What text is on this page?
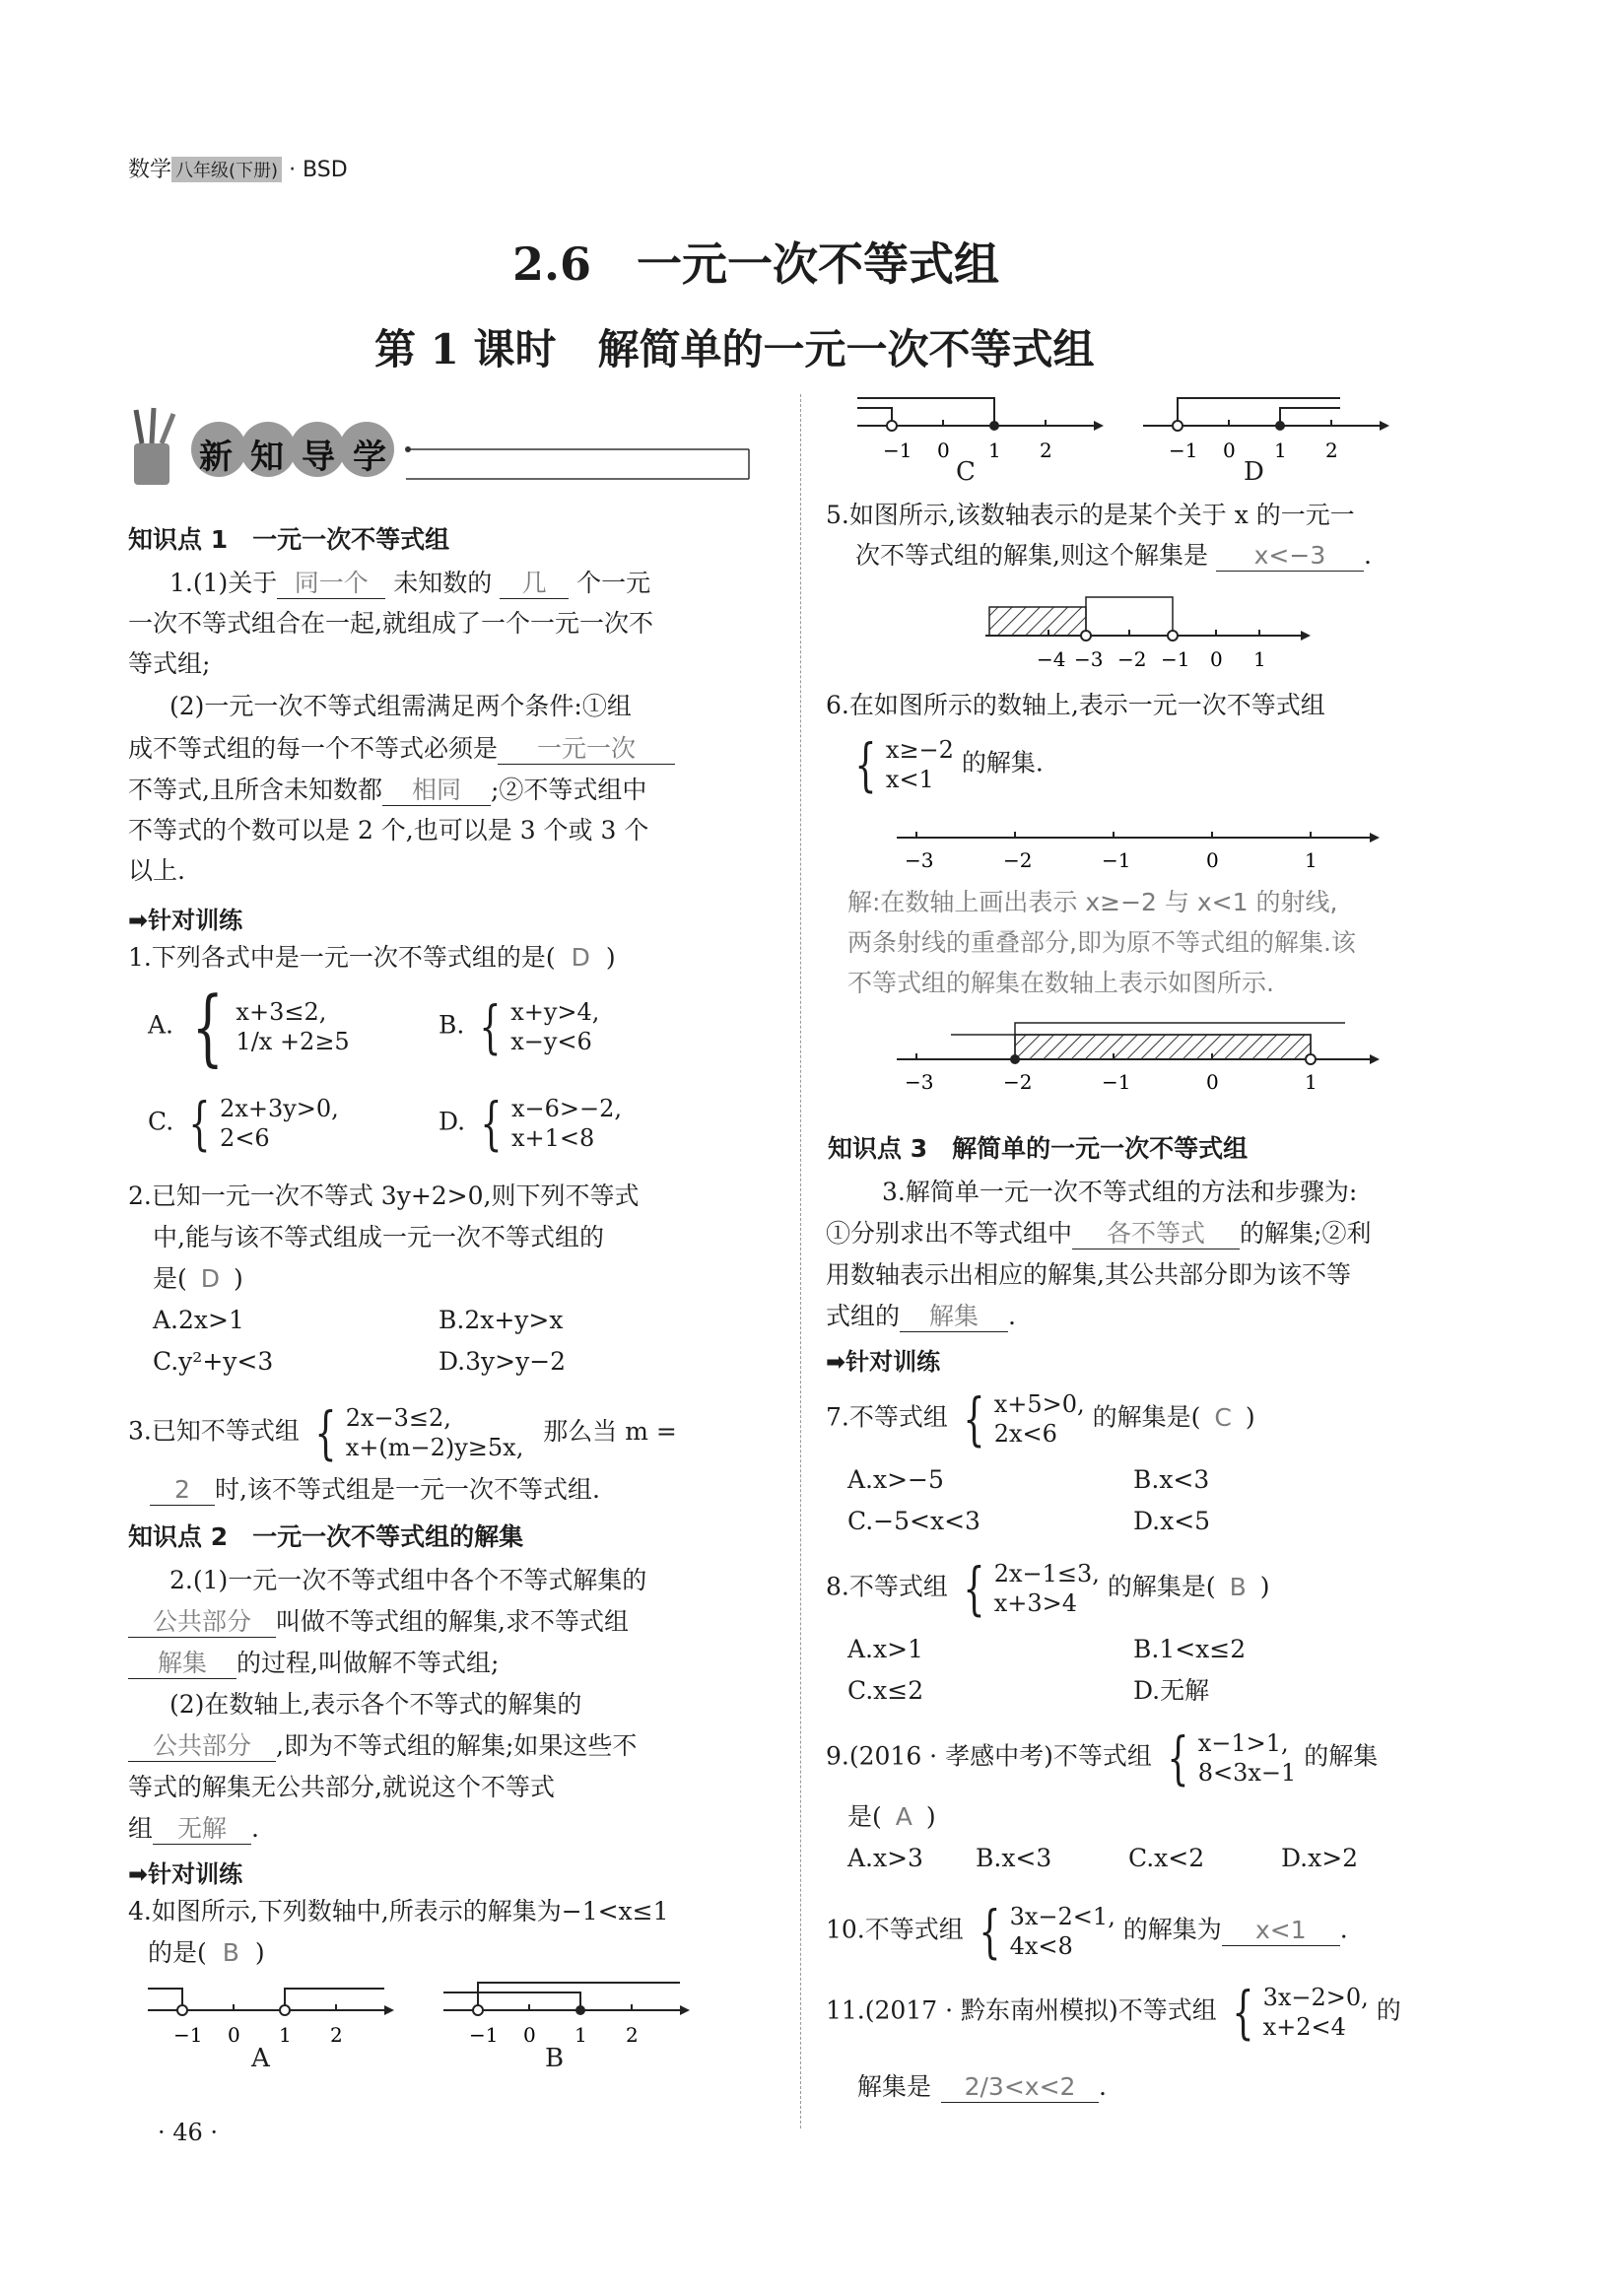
数学 八年级(下册) · BSD
2.6　一元一次不等式组
第 1 课时　解简单的一元一次不等式组
新知导学
知识点 1　一元一次不等式组
1.(1)关于 同一个 未知数的 几 个一元
一次不等式组合在一起,就组成了一个一元一次不
等式组;
(2)一元一次不等式组需满足两个条件:①组
成不等式组的每一个不等式必须是 一元一次
不等式,且所含未知数都 相同 ;②不等式组中
不等式的个数可以是 2 个,也可以是 3 个或 3 个
以上.
➡针对训练
1.下列各式中是一元一次不等式组的是( D )
A. { x+3≤2,
1/x +2≥5
B. { x+y>4,
x−y<6
C. { 2x+3y>0,
2<6
D. { x−6>−2,
x+1<8
2.已知一元一次不等式 3y+2>0,则下列不等式
中,能与该不等式组成一元一次不等式组的
是( D )
A.2x>1	B.2x+y>x
C.y²+y<3	D.3y>y−2
3.已知不等式组 { 2x−3≤2,
x+(m−2)y≥5x,
那么当 m =
2 时,该不等式组是一元一次不等式组.
知识点 2　一元一次不等式组的解集
2.(1)一元一次不等式组中各个不等式解集的
公共部分 叫做不等式组的解集,求不等式组
解集 的过程,叫做解不等式组;
(2)在数轴上,表示各个不等式的解集的
公共部分 ,即为不等式组的解集;如果这些不
等式的解集无公共部分,就说这个不等式
组 无解 .
➡针对训练
4.如图所示,下列数轴中,所表示的解集为−1<x≤1
的是( B )
−1 0 1 2
A
−1 0 1 2
B
· 46 ·
−1 0 1 2
C
−1 0 1 2
D
5.如图所示,该数轴表示的是某个关于 x 的一元一
次不等式组的解集,则这个解集是 x<−3 .
−4 −3 −2 −1 0 1
6.在如图所示的数轴上,表示一元一次不等式组
{ x≥−2
x<1
的解集.
−3	−2	−1	0	1
解:在数轴上画出表示 x≥−2 与 x<1 的射线,
两条射线的重叠部分,即为原不等式组的解集.该
不等式组的解集在数轴上表示如图所示.
−3	−2	−1	0	1
知识点 3　解简单的一元一次不等式组
3.解简单一元一次不等式组的方法和步骤为:
①分别求出不等式组中 各不等式 的解集;②利
用数轴表示出相应的解集,其公共部分即为该不等
式组的 解集 .
➡针对训练
7.不等式组 { x+5>0,
2x<6
的解集是( C )
A.x>−5	B.x<3
C.−5<x<3	D.x<5
8.不等式组 { 2x−1≤3,
x+3>4
的解集是( B )
A.x>1	B.1<x≤2
C.x≤2	D.无解
9.(2016 · 孝感中考)不等式组 { x−1>1,
8<3x−1
的解集
是( A )
A.x>3 B.x<3	C.x<2	D.x>2
10.不等式组 { 3x−2<1,
4x<8
的解集为 x<1 .
11.(2017 · 黔东南州模拟)不等式组 { 3x−2>0,
x+2<4
的
解集是 2/3<x<2 .
